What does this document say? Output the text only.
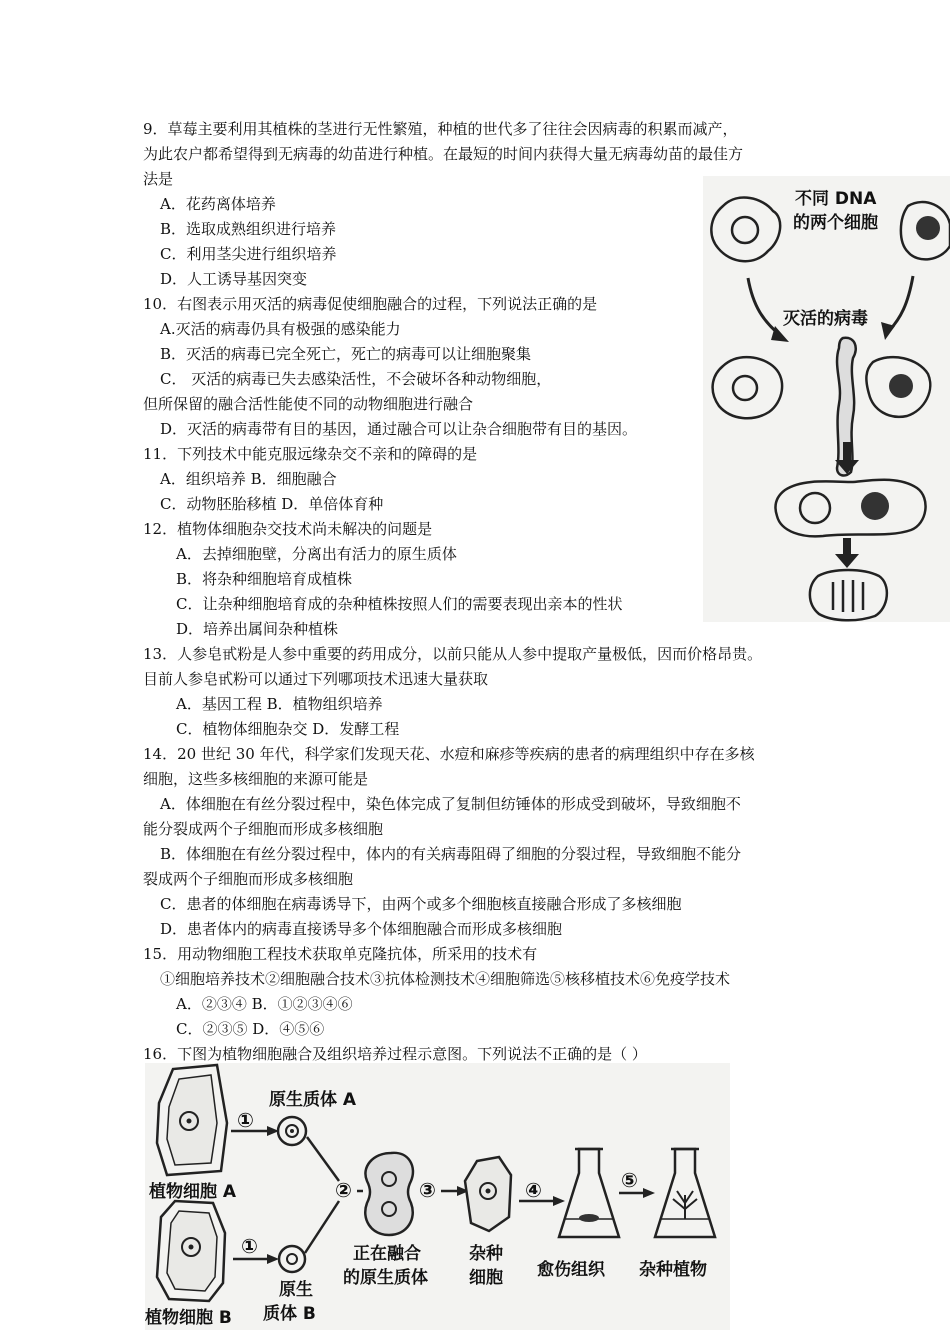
9．草莓主要利用其植株的茎进行无性繁殖，种植的世代多了往往会因病毒的积累而减产，
为此农户都希望得到无病毒的幼苗进行种植。在最短的时间内获得大量无病毒幼苗的最佳方
法是
A．花药离体培养
B．选取成熟组织进行培养
C．利用茎尖进行组织培养
D．人工诱导基因突变
10．右图表示用灭活的病毒促使细胞融合的过程，下列说法正确的是
A.灭活的病毒仍具有极强的感染能力
B．灭活的病毒已完全死亡，死亡的病毒可以让细胞聚集
C． 灭活的病毒已失去感染活性，不会破坏各种动物细胞，
但所保留的融合活性能使不同的动物细胞进行融合
D．灭活的病毒带有目的基因，通过融合可以让杂合细胞带有目的基因。
11．下列技术中能克服远缘杂交不亲和的障碍的是
A．组织培养 B．细胞融合
C．动物胚胎移植 D．单倍体育种
12．植物体细胞杂交技术尚未解决的问题是
A．去掉细胞壁，分离出有活力的原生质体
B．将杂种细胞培育成植株
C．让杂种细胞培育成的杂种植株按照人们的需要表现出亲本的性状
D．培养出属间杂种植株
13．人参皂甙粉是人参中重要的药用成分，以前只能从人参中提取产量极低，因而价格昂贵。
目前人参皂甙粉可以通过下列哪项技术迅速大量获取
A．基因工程 B．植物组织培养
C．植物体细胞杂交 D．发酵工程
14．20 世纪 30 年代，科学家们发现天花、水痘和麻疹等疾病的患者的病理组织中存在多核
细胞，这些多核细胞的来源可能是
A．体细胞在有丝分裂过程中，染色体完成了复制但纺锤体的形成受到破坏，导致细胞不
能分裂成两个子细胞而形成多核细胞
B．体细胞在有丝分裂过程中，体内的有关病毒阻碍了细胞的分裂过程，导致细胞不能分
裂成两个子细胞而形成多核细胞
C．患者的体细胞在病毒诱导下，由两个或多个细胞核直接融合形成了多核细胞
D．患者体内的病毒直接诱导多个体细胞融合而形成多核细胞
15．用动物细胞工程技术获取单克隆抗体，所采用的技术有
①细胞培养技术②细胞融合技术③抗体检测技术④细胞筛选⑤核移植技术⑥免疫学技术
A．②③④ B．①②③④⑥
C．②③⑤ D．④⑤⑥
16．下图为植物细胞融合及组织培养过程示意图。下列说法不正确的是（ ）
不同 DNA
的两个细胞
灭活的病毒
植物细胞 A
①
原生质体 A
植物细胞 B
①
原生
质体 B
②
正在融合
的原生质体
③
杂种
细胞
④
愈伤组织
⑤
杂种植物
